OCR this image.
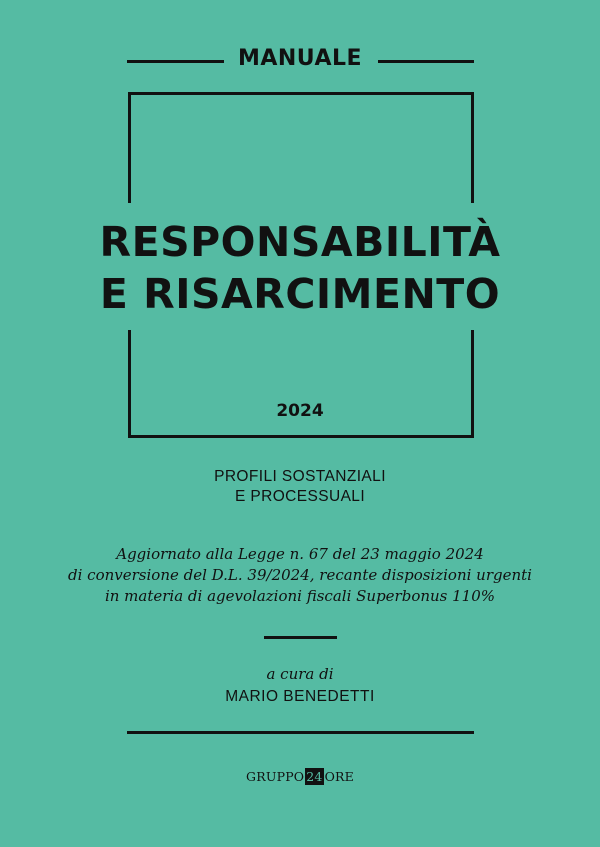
MANUALE
RESPONSABILITÀ
E RISARCIMENTO
2024
PROFILI SOSTANZIALI
E PROCESSUALI
Aggiornato alla Legge n. 67 del 23 maggio 2024
di conversione del D.L. 39/2024, recante disposizioni urgenti
in materia di agevolazioni fiscali Superbonus 110%
a cura di
MARIO BENEDETTI
GRUPPO 24 ORE
